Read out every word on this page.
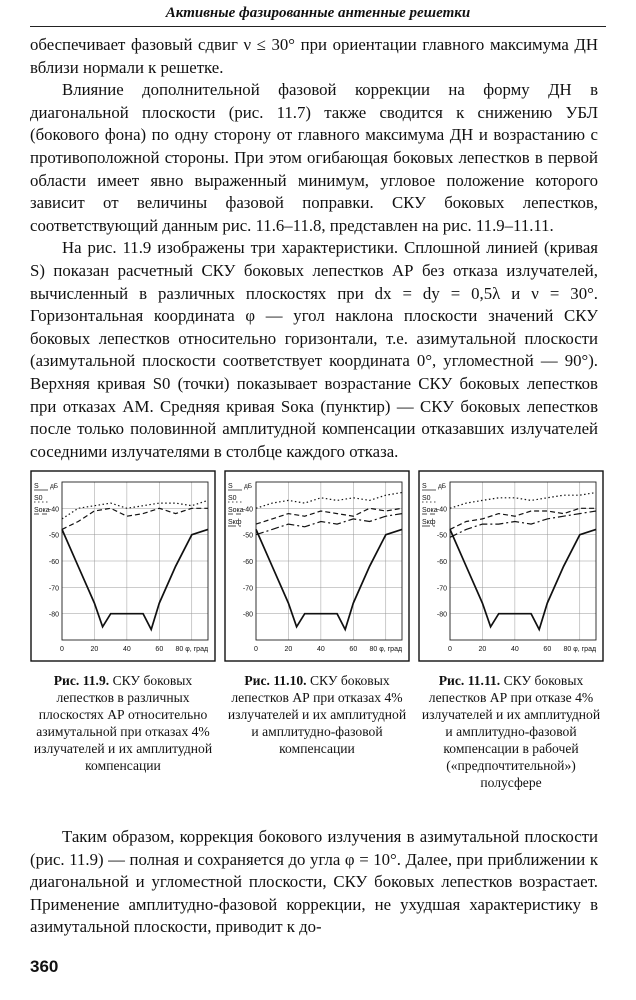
Активные фазированные антенные решетки

обеспечивает фазовый сдвиг ν ≤ 30° при ориентации главного максимума ДН вблизи нормали к решетке.

Влияние дополнительной фазовой коррекции на форму ДН в диагональной плоскости (рис. 11.7) также сводится к снижению УБЛ (бокового фона) по одну сторону от главного максимума ДН и возрастанию с противоположной стороны. При этом огибающая боковых лепестков в первой области имеет явно выраженный минимум, угловое положение которого зависит от величины фазовой поправки. СКУ боковых лепестков, соответствующий данным рис. 11.6–11.8, представлен на рис. 11.9–11.11.

На рис. 11.9 изображены три характеристики. Сплошной линией (кривая S) показан расчетный СКУ боковых лепестков АР без отказа излучателей, вычисленный в различных плоскостях при dx = dy = 0,5λ и ν = 30°. Горизонтальная координата φ — угол наклона плоскости значений СКУ боковых лепестков относительно горизонтали, т.е. азимутальной плоскости (азимутальной плоскости соответствует координата 0°, угломестной — 90°). Верхняя кривая S0 (точки) показывает возрастание СКУ боковых лепестков при отказах АМ. Средняя кривая Sока (пунктир) — СКУ боковых лепестков после только половинной амплитудной компенсации отказавших излучателей соседними излучателями в столбце каждого отказа.

-40
-50
-60
-70
-80
0	20	40	60 80 φ, град
дБ
S
S0
Sока
Рис. 11.9. СКУ боковых лепестков в различных плоскостях АР относительно азимутальной при отказах 4% излучателей и их амплитудной компенсации
-40
-50
-60
-70
-80
0	20	40	60 80 φ, град
дБ
S
S0
Sока
Sкф
Рис. 11.10. СКУ боковых лепестков АР при отказах 4% излучателей и их амплитудной и амплитудно-фазовой компенсации
-40
-50
-60
-70
-80
0	20	40	60 80 φ, град
дБ
S
S0
Sока
Sкф
Рис. 11.11. СКУ боковых лепестков АР при отказе 4% излучателей и их амплитудной и амплитудно-фазовой компенсации в рабочей («предпочтительной») полусфере

Таким образом, коррекция бокового излучения в азимутальной плоскости (рис. 11.9) — полная и сохраняется до угла φ = 10°. Далее, при приближении к диагональной и угломестной плоскости, СКУ боковых лепестков возрастает. Применение амплитудно-фазовой коррекции, не ухудшая характеристику в азимутальной плоскости, приводит к до-

360
